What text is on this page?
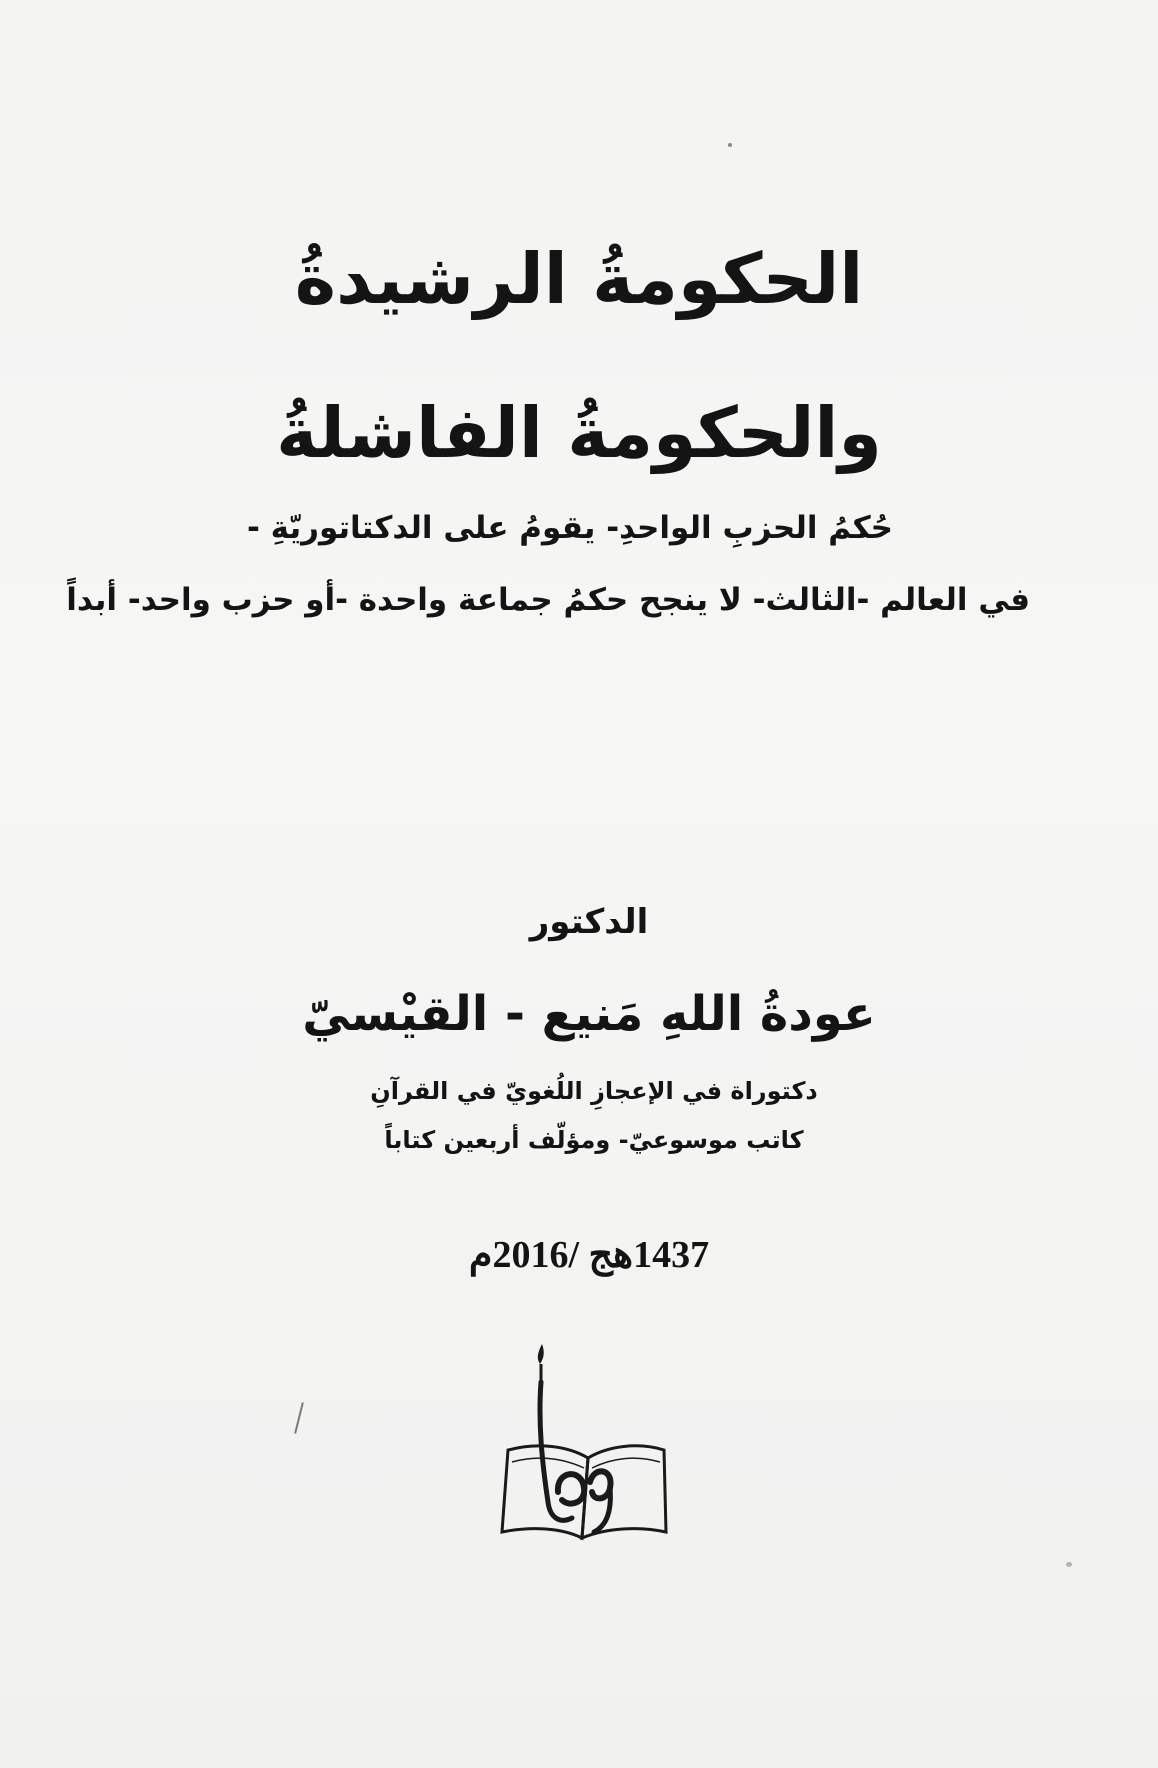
الحكومةُ الرشيدةُ
والحكومةُ الفاشلةُ

حُكمُ الحزبِ الواحدِ- يقومُ على الدكتاتوريّةِ -

في العالم -الثالث- لا ينجح حكمُ جماعة واحدة -أو حزب واحد- أبداً

الدكتور

عودةُ اللهِ مَنيع - القيْسيّ

دكتوراة في الإعجازِ اللُغويّ في القرآنِ

كاتب موسوعيّ- ومؤلّف أربعين كتاباً

1437هج /2016م
